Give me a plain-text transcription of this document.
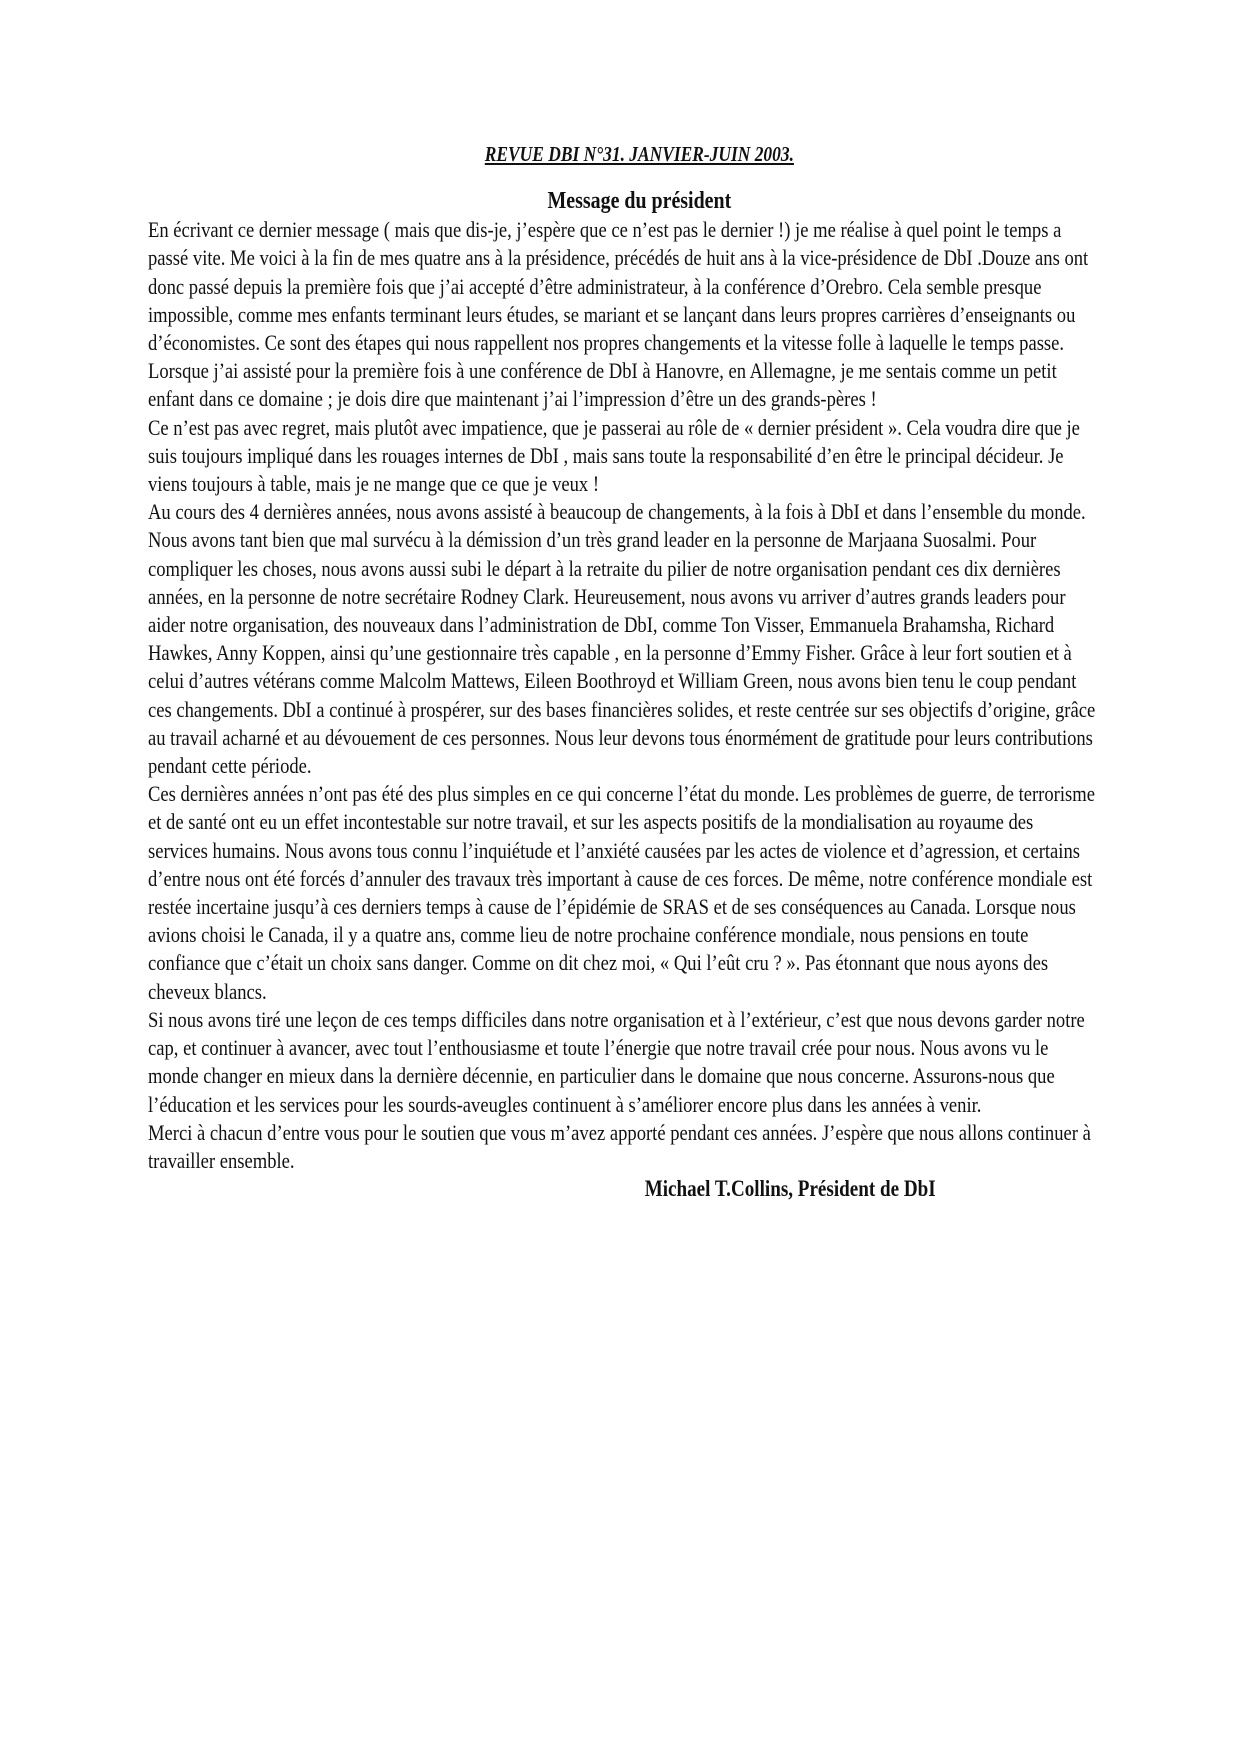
REVUE DBI N°31. JANVIER-JUIN 2003.
Message du président

En écrivant ce dernier message ( mais que dis-je, j’espère que ce n’est pas le dernier !) je me réalise à quel point le temps a passé vite. Me voici à la fin de mes quatre ans à la présidence, précédés de huit ans à la vice-présidence de DbI .Douze ans ont donc passé depuis la première fois que j’ai accepté d’être administrateur, à la conférence d’Orebro. Cela semble presque impossible, comme mes enfants terminant leurs études, se mariant et se lançant dans leurs propres carrières d’enseignants ou d’économistes. Ce sont des étapes qui nous rappellent nos propres changements et la vitesse folle à laquelle le temps passe. Lorsque j’ai assisté pour la première fois à une conférence de DbI à Hanovre, en Allemagne, je me sentais comme un petit enfant dans ce domaine ; je dois dire que maintenant j’ai l’impression d’être un des grands-pères !

Ce n’est pas avec regret, mais plutôt avec impatience, que je passerai au rôle de « dernier président ». Cela voudra dire que je suis toujours impliqué dans les rouages internes de DbI , mais sans toute la responsabilité d’en être le principal décideur. Je viens toujours à table, mais je ne mange que ce que je veux !

Au cours des 4 dernières années, nous avons assisté à beaucoup de changements, à la fois à DbI et dans l’ensemble du monde. Nous avons tant bien que mal survécu à la démission d’un très grand leader en la personne de Marjaana Suosalmi. Pour compliquer les choses, nous avons aussi subi le départ à la retraite du pilier de notre organisation pendant ces dix dernières années, en la personne de notre secrétaire Rodney Clark. Heureusement, nous avons vu arriver d’autres grands leaders pour aider notre organisation, des nouveaux dans l’administration de DbI, comme Ton Visser, Emmanuela Brahamsha, Richard Hawkes, Anny Koppen, ainsi qu’une gestionnaire très capable , en la personne d’Emmy Fisher. Grâce à leur fort soutien et à celui d’autres vétérans comme Malcolm Mattews, Eileen Boothroyd et William Green, nous avons bien tenu le coup pendant ces changements. DbI a continué à prospérer, sur des bases financières solides, et reste centrée sur ses objectifs d’origine, grâce au travail acharné et au dévouement de ces personnes. Nous leur devons tous énormément de gratitude pour leurs contributions pendant cette période.

Ces dernières années n’ont pas été des plus simples en ce qui concerne l’état du monde. Les problèmes de guerre, de terrorisme et de santé ont eu un effet incontestable sur notre travail, et sur les aspects positifs de la mondialisation au royaume des services humains. Nous avons tous connu l’inquiétude et l’anxiété causées par les actes de violence et d’agression, et certains d’entre nous ont été forcés d’annuler des travaux très important à cause de ces forces. De même, notre conférence mondiale est restée incertaine jusqu’à ces derniers temps à cause de l’épidémie de SRAS et de ses conséquences au Canada. Lorsque nous avions choisi le Canada, il y a quatre ans, comme lieu de notre prochaine conférence mondiale, nous pensions en toute confiance que c’était un choix sans danger. Comme on dit chez moi, « Qui l’eût cru ? ». Pas étonnant que nous ayons des cheveux blancs.

Si nous avons tiré une leçon de ces temps difficiles dans notre organisation et à l’extérieur, c’est que nous devons garder notre cap, et continuer à avancer, avec tout l’enthousiasme et toute l’énergie que notre travail crée pour nous. Nous avons vu le monde changer en mieux dans la dernière décennie, en particulier dans le domaine que nous concerne. Assurons-nous que l’éducation et les services pour les sourds-aveugles continuent à s’améliorer encore plus dans les années à venir.

Merci à chacun d’entre vous pour le soutien que vous m’avez apporté pendant ces années. J’espère que nous allons continuer à travailler ensemble.

Michael T.Collins, Président de DbI
